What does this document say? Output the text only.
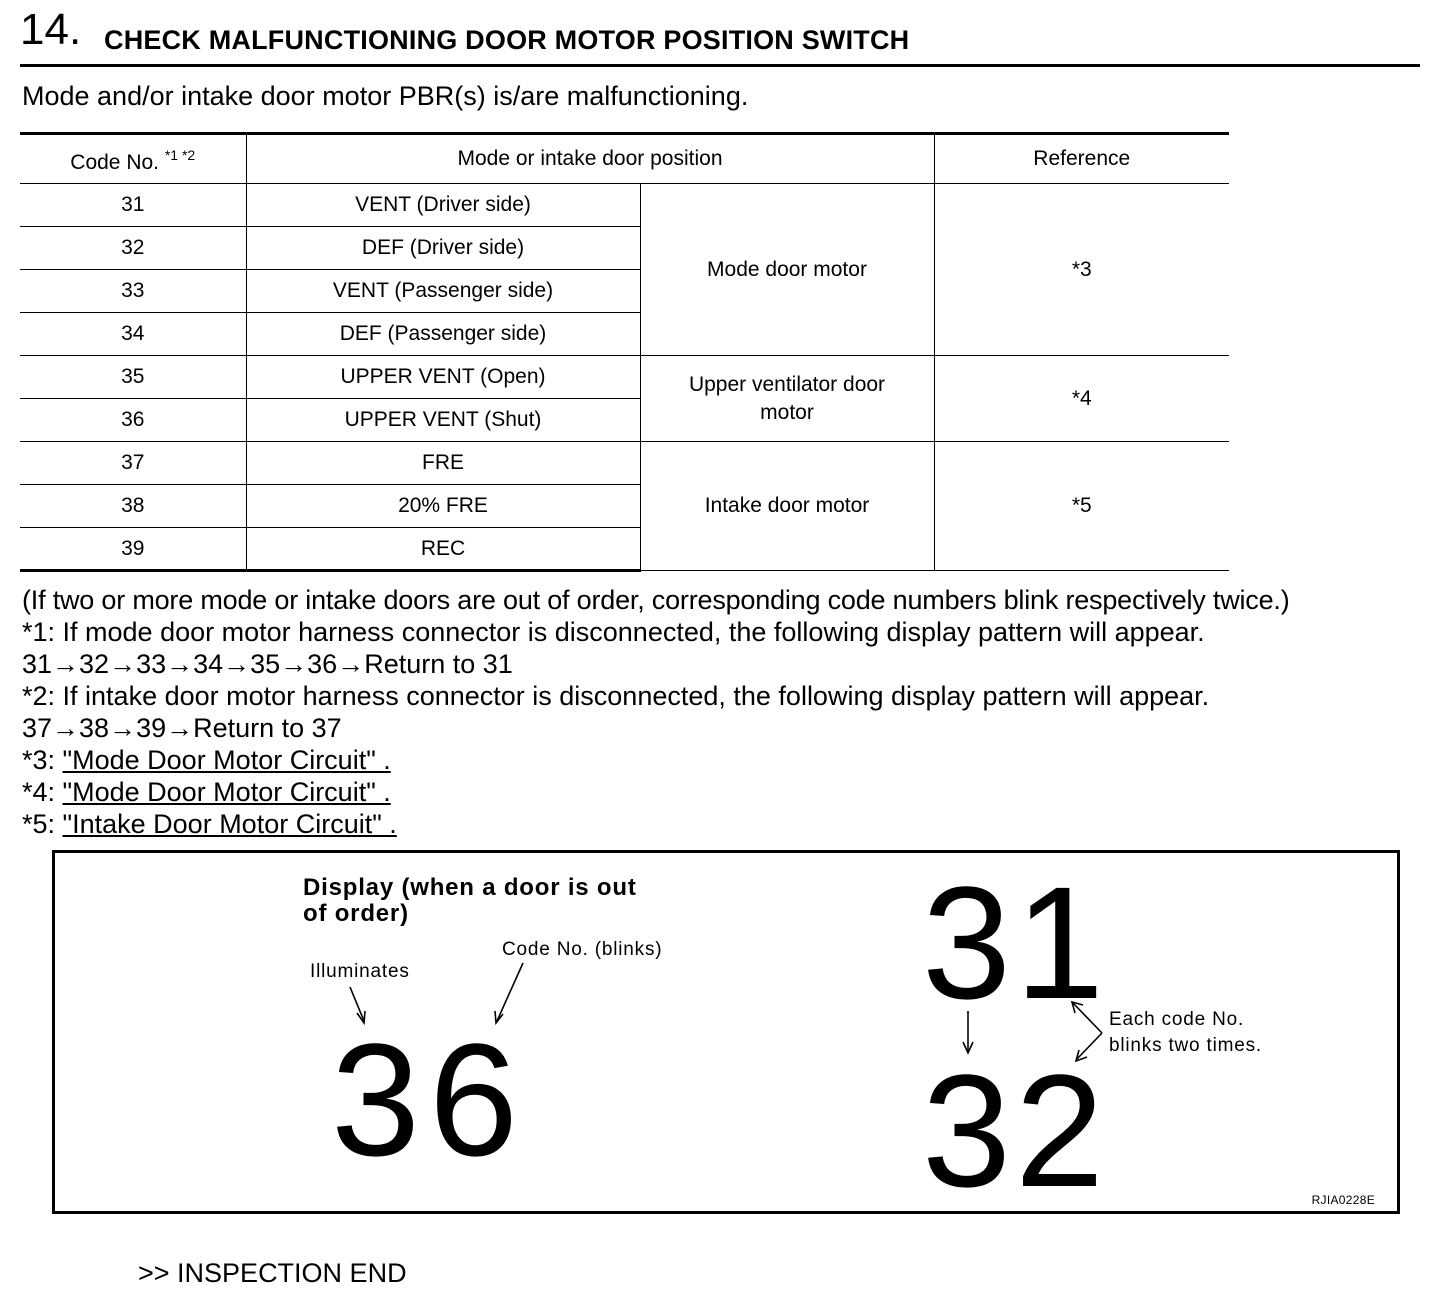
14. CHECK MALFUNCTIONING DOOR MOTOR POSITION SWITCH
Mode and/or intake door motor PBR(s) is/are malfunctioning.
Code No. $^{*1 *2}$	Mode or intake door position		Reference
31	VENT (Driver side)	Mode door motor	*3
32	DEF (Driver side)		
33	VENT (Passenger side)		
34	DEF (Passenger side)		
35	UPPER VENT (Open)	Upper ventilator door motor	*4
36	UPPER VENT (Shut)		
37	FRE	Intake door motor	*5
38	20% FRE		
39	REC		
(If two or more mode or intake doors are out of order, corresponding code numbers blink respectively twice.)
*1: If mode door motor harness connector is disconnected, the following display pattern will appear.
31→32→33→34→35→36→Return to 31
*2: If intake door motor harness connector is disconnected, the following display pattern will appear.
37→38→39→Return to 37
*3: "Mode Door Motor Circuit" .
*4: "Mode Door Motor Circuit" .
*5: "Intake Door Motor Circuit" .
Display (when a door is out of order)
Illuminates
Code No. (blinks)
3 6
31
32
Each code No.
blinks two times.
RJIA0228E
>> INSPECTION END
